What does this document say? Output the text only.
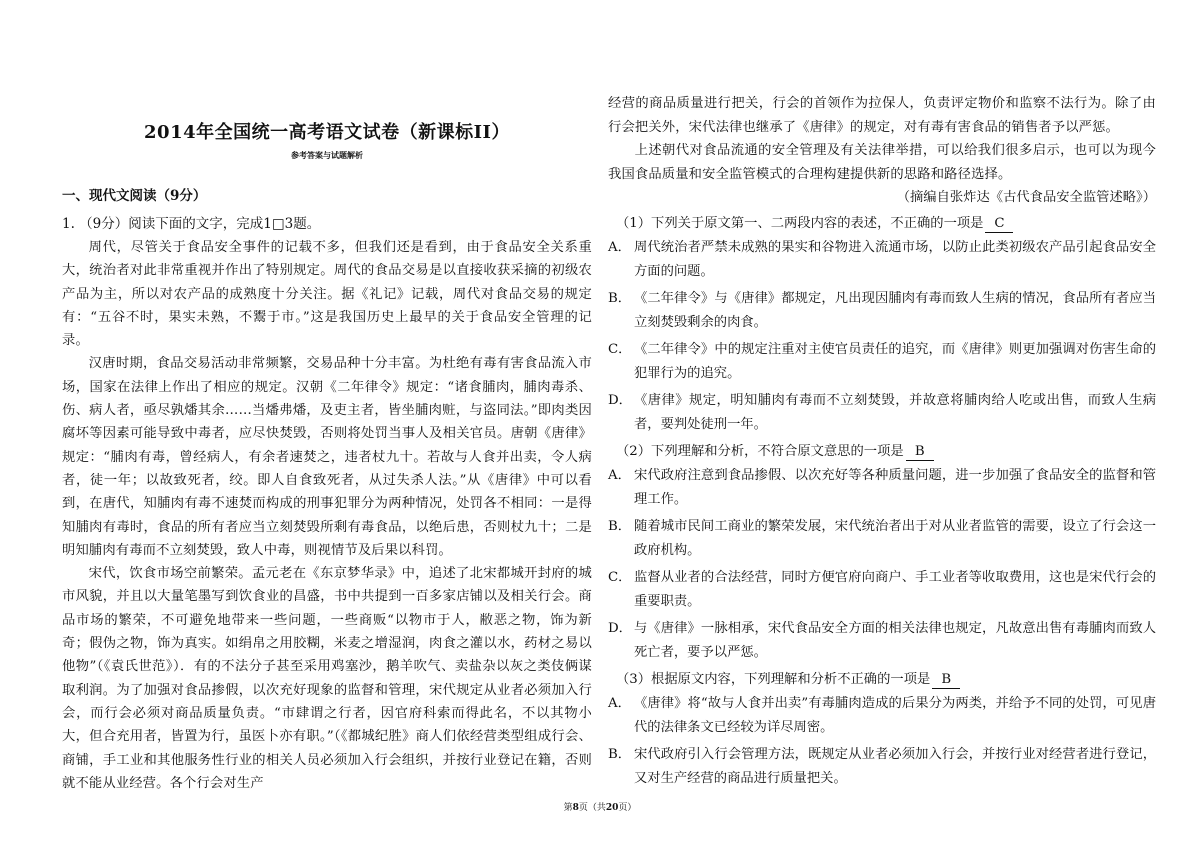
2014年全国统一高考语文试卷（新课标II）
参考答案与试题解析
一、现代文阅读（9分）

1. （9分）阅读下面的文字，完成1□3题。

周代，尽管关于食品安全事件的记载不多，但我们还是看到，由于食品安全关系重大，统治者对此非常重视并作出了特别规定。周代的食品交易是以直接收获采摘的初级农产品为主，所以对农产品的成熟度十分关注。据《礼记》记载，周代对食品交易的规定有：“五谷不时，果实未熟，不鬻于市。”这是我国历史上最早的关于食品安全管理的记录。

汉唐时期，食品交易活动非常频繁，交易品种十分丰富。为杜绝有毒有害食品流入市场，国家在法律上作出了相应的规定。汉朝《二年律令》规定：“诸食脯肉，脯肉毒杀、伤、病人者，亟尽孰燔其余……当燔弗燔，及吏主者，皆坐脯肉赃，与盗同法。”即肉类因腐坏等因素可能导致中毒者，应尽快焚毁，否则将处罚当事人及相关官员。唐朝《唐律》规定：“脯肉有毒，曾经病人，有余者速焚之，违者杖九十。若故与人食并出卖，令人病者，徒一年；以故致死者，绞。即人自食致死者，从过失杀人法。”从《唐律》中可以看到，在唐代，知脯肉有毒不速焚而构成的刑事犯罪分为两种情况，处罚各不相同：一是得知脯肉有毒时，食品的所有者应当立刻焚毁所剩有毒食品，以绝后患，否则杖九十；二是明知脯肉有毒而不立刻焚毁，致人中毒，则视情节及后果以科罚。

宋代，饮食市场空前繁荣。孟元老在《东京梦华录》中，追述了北宋都城开封府的城市风貌，并且以大量笔墨写到饮食业的昌盛，书中共提到一百多家店铺以及相关行会。商品市场的繁荣，不可避免地带来一些问题，一些商贩“以物市于人，敝恶之物，饰为新奇；假伪之物，饰为真实。如绢帛之用胶糊，米麦之增湿润，肉食之灌以水，药材之易以他物”（《袁氏世范》）．有的不法分子甚至采用鸡塞沙，鹅羊吹气、卖盐杂以灰之类伎俩谋取利润。为了加强对食品掺假，以次充好现象的监督和管理，宋代规定从业者必须加入行会，而行会必须对商品质量负责。“市肆谓之行者，因官府科索而得此名，不以其物小大，但合充用者，皆置为行，虽医卜亦有职。”（《都城纪胜》商人们依经营类型组成行会、商铺，手工业和其他服务性行业的相关人员必须加入行会组织，并按行业登记在籍，否则就不能从业经营。各个行会对生产

经营的商品质量进行把关，行会的首领作为拉保人，负责评定物价和监察不法行为。除了由行会把关外，宋代法律也继承了《唐律》的规定，对有毒有害食品的销售者予以严惩。

上述朝代对食品流通的安全管理及有关法律举措，可以给我们很多启示，也可以为现今我国食品质量和安全监管模式的合理构建提供新的思路和路径选择。

（摘编自张炸达《古代食品安全监管述略》）

（1）下列关于原文第一、二两段内容的表述，不正确的一项是 C

A． 周代统治者严禁未成熟的果实和谷物进入流通市场，以防止此类初级农产品引起食品安全方面的问题。
B． 《二年律令》与《唐律》都规定，凡出现因脯肉有毒而致人生病的情况，食品所有者应当立刻焚毁剩余的肉食。
C． 《二年律令》中的规定注重对主使官员责任的追究，而《唐律》则更加强调对伤害生命的犯罪行为的追究。
D． 《唐律》规定，明知脯肉有毒而不立刻焚毁，并故意将脯肉给人吃或出售，而致人生病者，要判处徒刑一年。

（2）下列理解和分析，不符合原文意思的一项是 B

A． 宋代政府注意到食品掺假、以次充好等各种质量问题，进一步加强了食品安全的监督和管理工作。
B． 随着城市民间工商业的繁荣发展，宋代统治者出于对从业者监管的需要，设立了行会这一政府机构。
C． 监督从业者的合法经营，同时方便官府向商户、手工业者等收取费用，这也是宋代行会的重要职责。
D． 与《唐律》一脉相承，宋代食品安全方面的相关法律也规定，凡故意出售有毒脯肉而致人死亡者，要予以严惩。

（3）根据原文内容，下列理解和分析不正确的一项是 B

A． 《唐律》将“故与人食并出卖”有毒脯肉造成的后果分为两类，并给予不同的处罚，可见唐代的法律条文已经较为详尽周密。
B． 宋代政府引入行会管理方法，既规定从业者必须加入行会，并按行业对经营者进行登记，又对生产经营的商品进行质量把关。
第8页（共20页）
